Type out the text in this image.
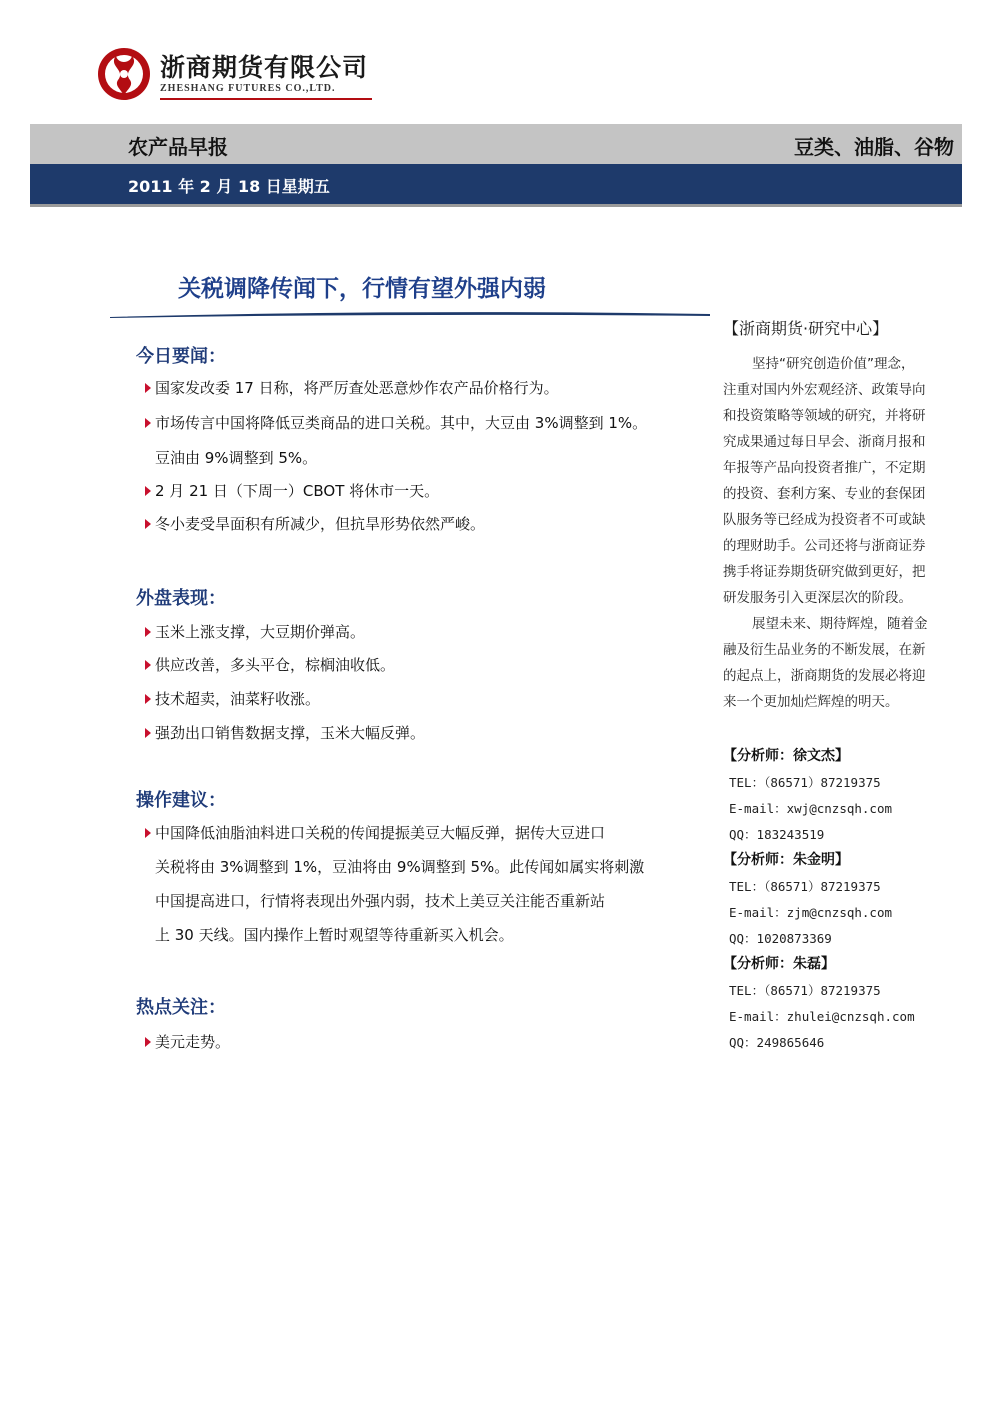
浙商期货有限公司
ZHESHANG FUTURES CO.,LTD.
农产品早报	豆类、油脂、谷物
2011 年 2 月 18 日星期五
关税调降传闻下，行情有望外强内弱
今日要闻：
国家发改委 17 日称，将严厉查处恶意炒作农产品价格行为。
市场传言中国将降低豆类商品的进口关税。其中，大豆由 3%调整到 1%。
豆油由 9%调整到 5%。
2 月 21 日（下周一）CBOT 将休市一天。
冬小麦受旱面积有所减少，但抗旱形势依然严峻。
外盘表现：
玉米上涨支撑，大豆期价弹高。
供应改善，多头平仓，棕榈油收低。
技术超卖，油菜籽收涨。
强劲出口销售数据支撑，玉米大幅反弹。
操作建议：
中国降低油脂油料进口关税的传闻提振美豆大幅反弹，据传大豆进口
关税将由 3%调整到 1%，豆油将由 9%调整到 5%。此传闻如属实将刺激
中国提高进口，行情将表现出外强内弱，技术上美豆关注能否重新站
上 30 天线。国内操作上暂时观望等待重新买入机会。
热点关注：
美元走势。
【浙商期货·研究中心】
坚持“研究创造价值”理念，
注重对国内外宏观经济、政策导向
和投资策略等领域的研究，并将研
究成果通过每日早会、浙商月报和
年报等产品向投资者推广，不定期
的投资、套利方案、专业的套保团
队服务等已经成为投资者不可或缺
的理财助手。公司还将与浙商证券
携手将证券期货研究做到更好，把
研发服务引入更深层次的阶段。
展望未来、期待辉煌，随着金
融及衍生品业务的不断发展，在新
的起点上，浙商期货的发展必将迎
来一个更加灿烂辉煌的明天。
【分析师：徐文杰】
TEL：（86571）87219375
E-mail：xwj@cnzsqh.com
QQ：183243519
【分析师：朱金明】
TEL：（86571）87219375
E-mail：zjm@cnzsqh.com
QQ：1020873369
【分析师：朱磊】
TEL：（86571）87219375
E-mail：zhulei@cnzsqh.com
QQ：249865646
